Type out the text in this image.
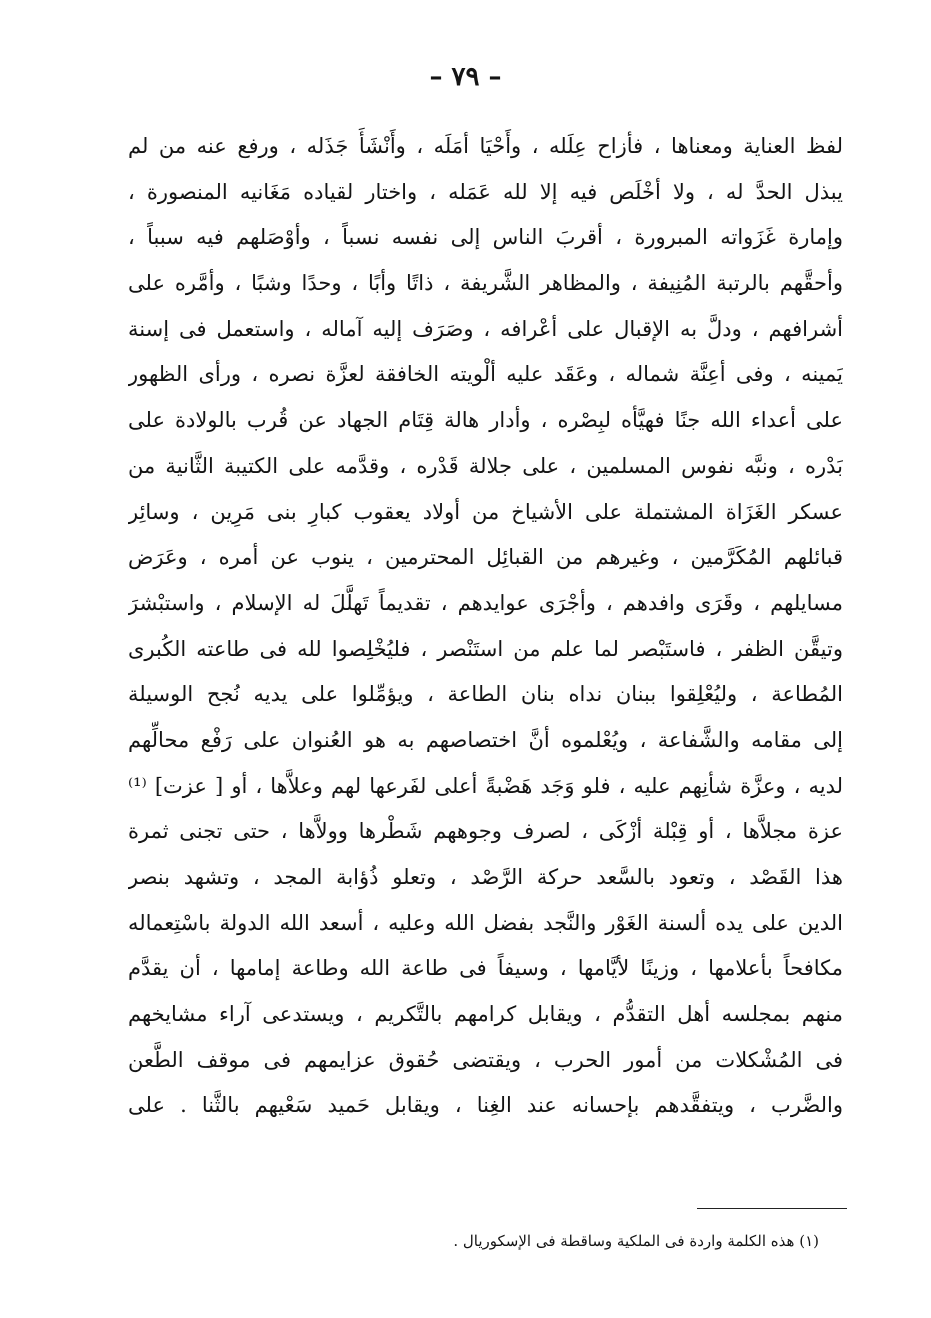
– ٧٩ –
لفظ العناية ومعناها ، فأزاح عِلَله ، وأَحْيَا أمَلَه ، وأَنْشَأَ جَذَله ، ورفع عنه من لم
يبذل الحدَّ له ، ولا أخْلَص فيه إلا لله عَمَله ، واختار لقياده مَغَانيه المنصورة ،
وإمارة غَزَواته المبرورة ، أقربَ الناس إلى نفسه نسباً ، وأوْصَلهم فيه سبباً ،
وأحقَّهم بالرتبة المُنِيفة ، والمظاهر الشَّريفة ، ذاتًا وأبًا ، وحدًا وشبًا ، وأمَّره على
أشرافهم ، ودلَّ به الإقبال على أعْرافه ، وصَرَف إليه آماله ، واستعمل فى إسنة
يَمينه ، وفى أعِنَّة شماله ، وعَقَد عليه ألْويته الخافقة لعزَّة نصره ، ورأى الظهور
على أعداء الله جنًا فهيَّأه لبِصْره ، وأدار هالة قِتَام الجهاد عن قُرب بالولادة على
بَدْره ، ونبَّه نفوس المسلمين ، على جلالة قَدْره ، وقدَّمه على الكتيبة الثَّانية من
عسكر الغَزَاة المشتملة على الأشياخ من أولاد يعقوب كبارِ بنى مَرِين ، وسائِر
قبائلهم المُكَرَّمين ، وغيرهم من القبائِل المحترمين ، ينوب عن أمره ، وعَرَض
مسايلهم ، وقَرَى وافدهم ، وأجْرَى عوايدهم ، تقديماً تَهلَّلَ له الإسلام ، واستبْشرَ
وتيقَّن الظفر ، فاستَبْصر لما علم من استَنْصر ، فليُخْلِصوا لله فى طاعته الكُبرى
المُطاعة ، وليُعْلِقوا ببنان نداه بنان الطاعة ، ويؤمِّلوا على يديه نُجح الوسيلة
إلى مقامه والشَّفاعة ، ويُعْلموه أنَّ اختصاصهم به هو العُنوان على رَفْع محالِّهم
لديه ، وعزَّة شأنِهم عليه ، فلو وَجَد هَضْبةً أعلى لفَرعها لهم وعلاَّها ، أو [ عزت] ⁽¹⁾
عزة مجلاَّها ، أو قِبْلة أزْكَى ، لصرف وجوههم شَطْرها وولاَّها ، حتى تجنى ثمرة
هذا القَصْد ، وتعود بالسَّعد حركة الرَّصْد ، وتعلو ذُؤابة المجد ، وتشهد بنصر
الدين على يده ألسنة الغَوْر والنَّجد بفضل الله وعليه ، أسعد الله الدولة باسْتِعماله
مكافحاً بأعلامها ، وزينًا لأيَّامها ، وسيفاً فى طاعة الله وطاعة إمامها ، أن يقدَّم
منهم بمجلسه أهل التقدُّم ، ويقابل كرامهم بالتَّكريم ، ويستدعى آراء مشايخهم
فى المُشْكلات من أمور الحرب ، ويقتضى حُقوق عزايمهم فى موقف الطَّعن
والضَّرب ، ويتفقَّدهم بإحسانه عند الغِنا ، ويقابل حَميد سَعْيهم بالثَّنا . على
(١) هذه الكلمة واردة فى الملكية وساقطة فى الإسكوريال .
